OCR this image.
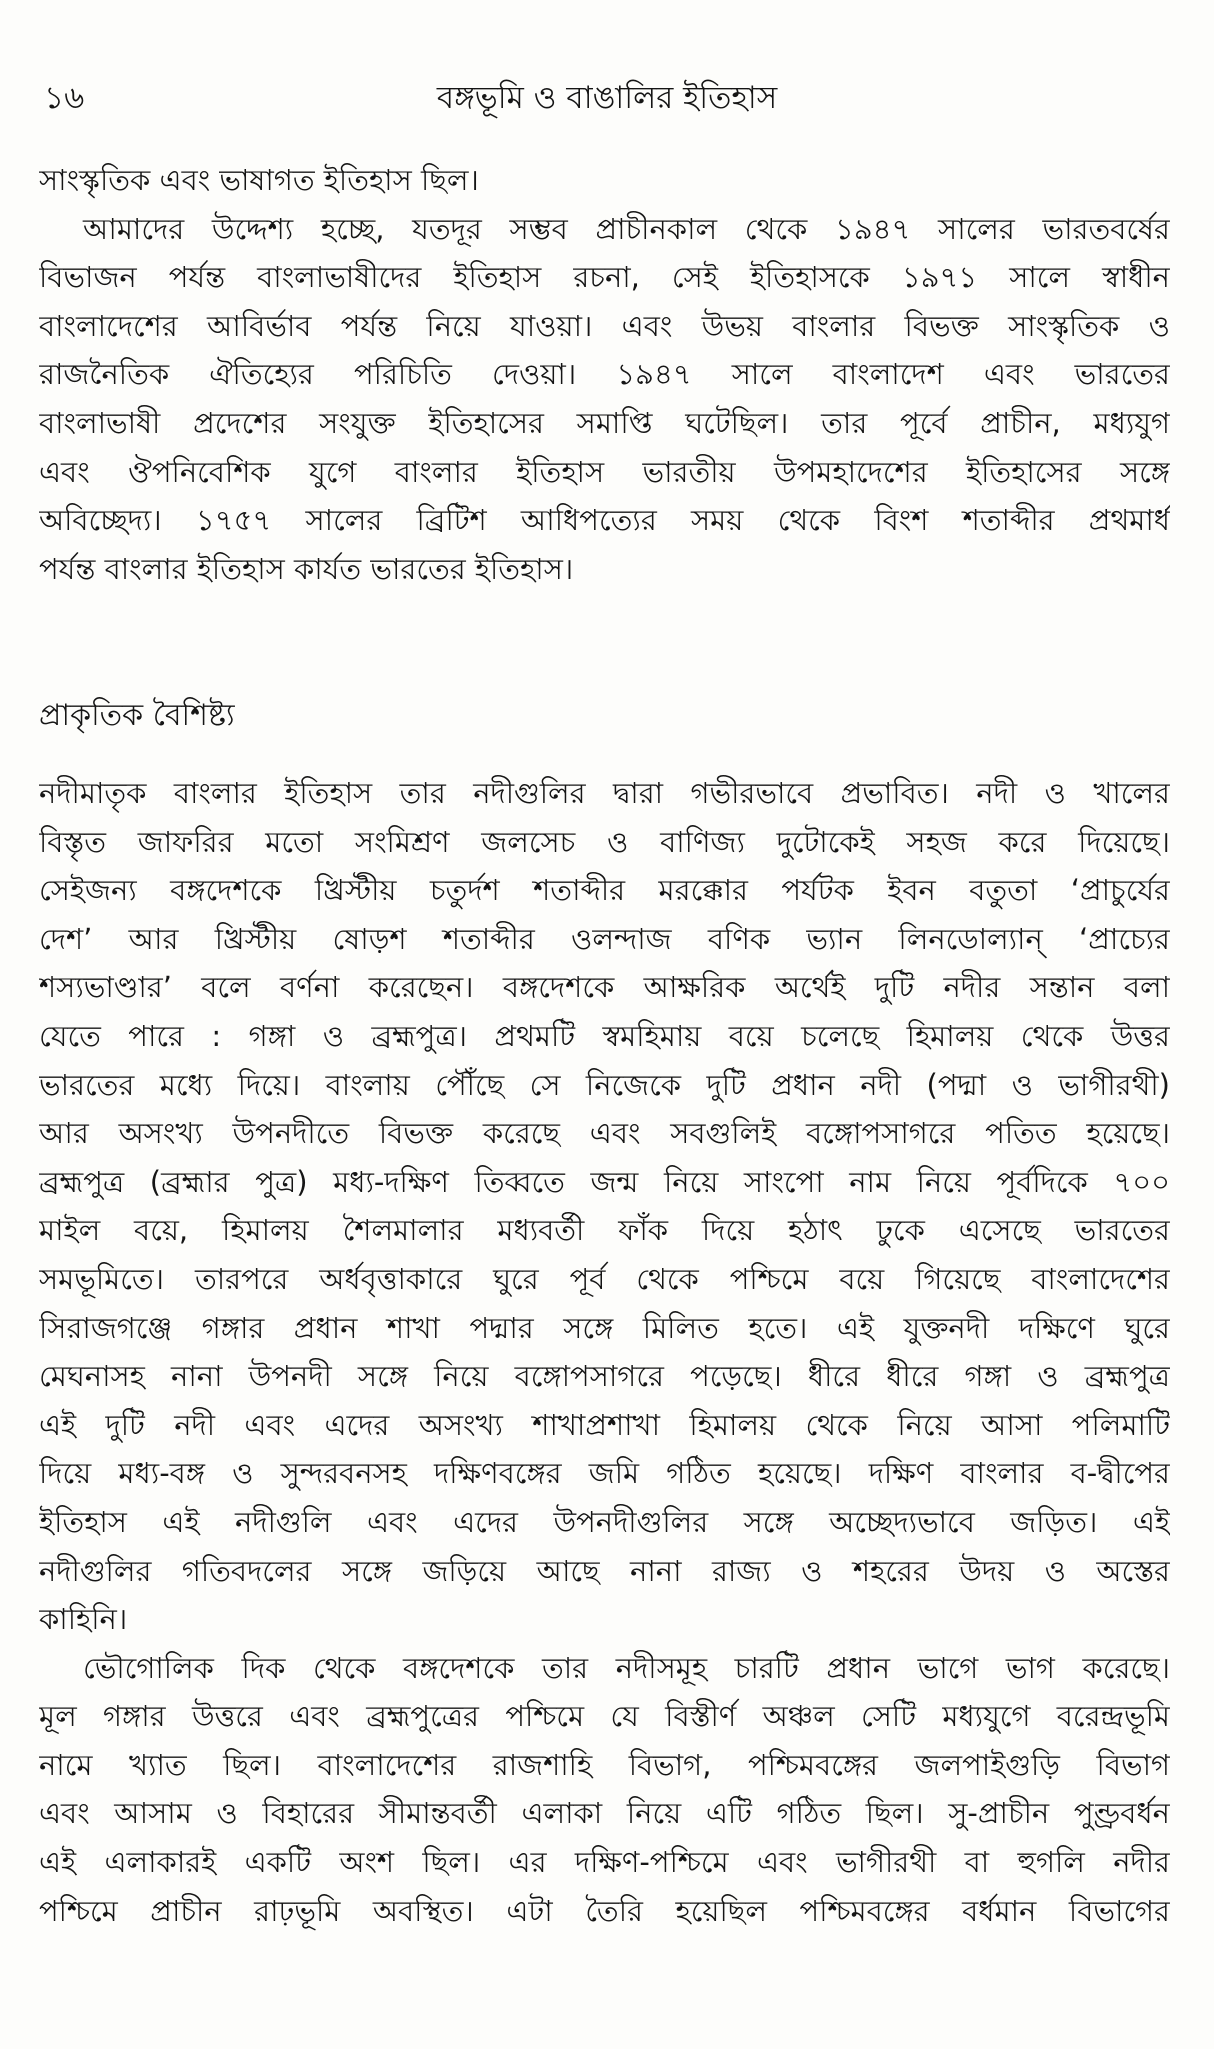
১৬	বঙ্গভূমি ও বাঙালির ইতিহাস
সাংস্কৃতিক এবং ভাষাগত ইতিহাস ছিল।
আমাদের উদ্দেশ্য হচ্ছে, যতদূর সম্ভব প্রাচীনকাল থেকে ১৯৪৭ সালের ভারতবর্ষের
বিভাজন পর্যন্ত বাংলাভাষীদের ইতিহাস রচনা, সেই ইতিহাসকে ১৯৭১ সালে স্বাধীন
বাংলাদেশের আবির্ভাব পর্যন্ত নিয়ে যাওয়া। এবং উভয় বাংলার বিভক্ত সাংস্কৃতিক ও
রাজনৈতিক ঐতিহ্যের পরিচিতি দেওয়া। ১৯৪৭ সালে বাংলাদেশ এবং ভারতের
বাংলাভাষী প্রদেশের সংযুক্ত ইতিহাসের সমাপ্তি ঘটেছিল। তার পূর্বে প্রাচীন, মধ্যযুগ
এবং ঔপনিবেশিক যুগে বাংলার ইতিহাস ভারতীয় উপমহাদেশের ইতিহাসের সঙ্গে
অবিচ্ছেদ্য। ১৭৫৭ সালের ব্রিটিশ আধিপত্যের সময় থেকে বিংশ শতাব্দীর প্রথমার্ধ
পর্যন্ত বাংলার ইতিহাস কার্যত ভারতের ইতিহাস।
প্রাকৃতিক বৈশিষ্ট্য
নদীমাতৃক বাংলার ইতিহাস তার নদীগুলির দ্বারা গভীরভাবে প্রভাবিত। নদী ও খালের
বিস্তৃত জাফরির মতো সংমিশ্রণ জলসেচ ও বাণিজ্য দুটোকেই সহজ করে দিয়েছে।
সেইজন্য বঙ্গদেশকে খ্রিস্টীয় চতুর্দশ শতাব্দীর মরক্কোর পর্যটক ইবন বতুতা ‘প্রাচুর্যের
দেশ’ আর খ্রিস্টীয় ষোড়শ শতাব্দীর ওলন্দাজ বণিক ভ্যান লিনডোল্যান্ ‘প্রাচ্যের
শস্যভাণ্ডার’ বলে বর্ণনা করেছেন। বঙ্গদেশকে আক্ষরিক অর্থেই দুটি নদীর সন্তান বলা
যেতে পারে : গঙ্গা ও ব্রহ্মপুত্র। প্রথমটি স্বমহিমায় বয়ে চলেছে হিমালয় থেকে উত্তর
ভারতের মধ্যে দিয়ে। বাংলায় পৌঁছে সে নিজেকে দুটি প্রধান নদী (পদ্মা ও ভাগীরথী)
আর অসংখ্য উপনদীতে বিভক্ত করেছে এবং সবগুলিই বঙ্গোপসাগরে পতিত হয়েছে।
ব্রহ্মপুত্র (ব্রহ্মার পুত্র) মধ্য-দক্ষিণ তিব্বতে জন্ম নিয়ে সাংপো নাম নিয়ে পূর্বদিকে ৭০০
মাইল বয়ে, হিমালয় শৈলমালার মধ্যবর্তী ফাঁক দিয়ে হঠাৎ ঢুকে এসেছে ভারতের
সমভূমিতে। তারপরে অর্ধবৃত্তাকারে ঘুরে পূর্ব থেকে পশ্চিমে বয়ে গিয়েছে বাংলাদেশের
সিরাজগঞ্জে গঙ্গার প্রধান শাখা পদ্মার সঙ্গে মিলিত হতে। এই যুক্তনদী দক্ষিণে ঘুরে
মেঘনাসহ নানা উপনদী সঙ্গে নিয়ে বঙ্গোপসাগরে পড়েছে। ধীরে ধীরে গঙ্গা ও ব্রহ্মপুত্র
এই দুটি নদী এবং এদের অসংখ্য শাখাপ্রশাখা হিমালয় থেকে নিয়ে আসা পলিমাটি
দিয়ে মধ্য-বঙ্গ ও সুন্দরবনসহ দক্ষিণবঙ্গের জমি গঠিত হয়েছে। দক্ষিণ বাংলার ব-দ্বীপের
ইতিহাস এই নদীগুলি এবং এদের উপনদীগুলির সঙ্গে অচ্ছেদ্যভাবে জড়িত। এই
নদীগুলির গতিবদলের সঙ্গে জড়িয়ে আছে নানা রাজ্য ও শহরের উদয় ও অস্তের
কাহিনি।
ভৌগোলিক দিক থেকে বঙ্গদেশকে তার নদীসমূহ চারটি প্রধান ভাগে ভাগ করেছে।
মূল গঙ্গার উত্তরে এবং ব্রহ্মপুত্রের পশ্চিমে যে বিস্তীর্ণ অঞ্চল সেটি মধ্যযুগে বরেন্দ্রভূমি
নামে খ্যাত ছিল। বাংলাদেশের রাজশাহি বিভাগ, পশ্চিমবঙ্গের জলপাইগুড়ি বিভাগ
এবং আসাম ও বিহারের সীমান্তবর্তী এলাকা নিয়ে এটি গঠিত ছিল। সু-প্রাচীন পুণ্ড্রবর্ধন
এই এলাকারই একটি অংশ ছিল। এর দক্ষিণ-পশ্চিমে এবং ভাগীরথী বা হুগলি নদীর
পশ্চিমে প্রাচীন রাঢ়ভূমি অবস্থিত। এটা তৈরি হয়েছিল পশ্চিমবঙ্গের বর্ধমান বিভাগের
